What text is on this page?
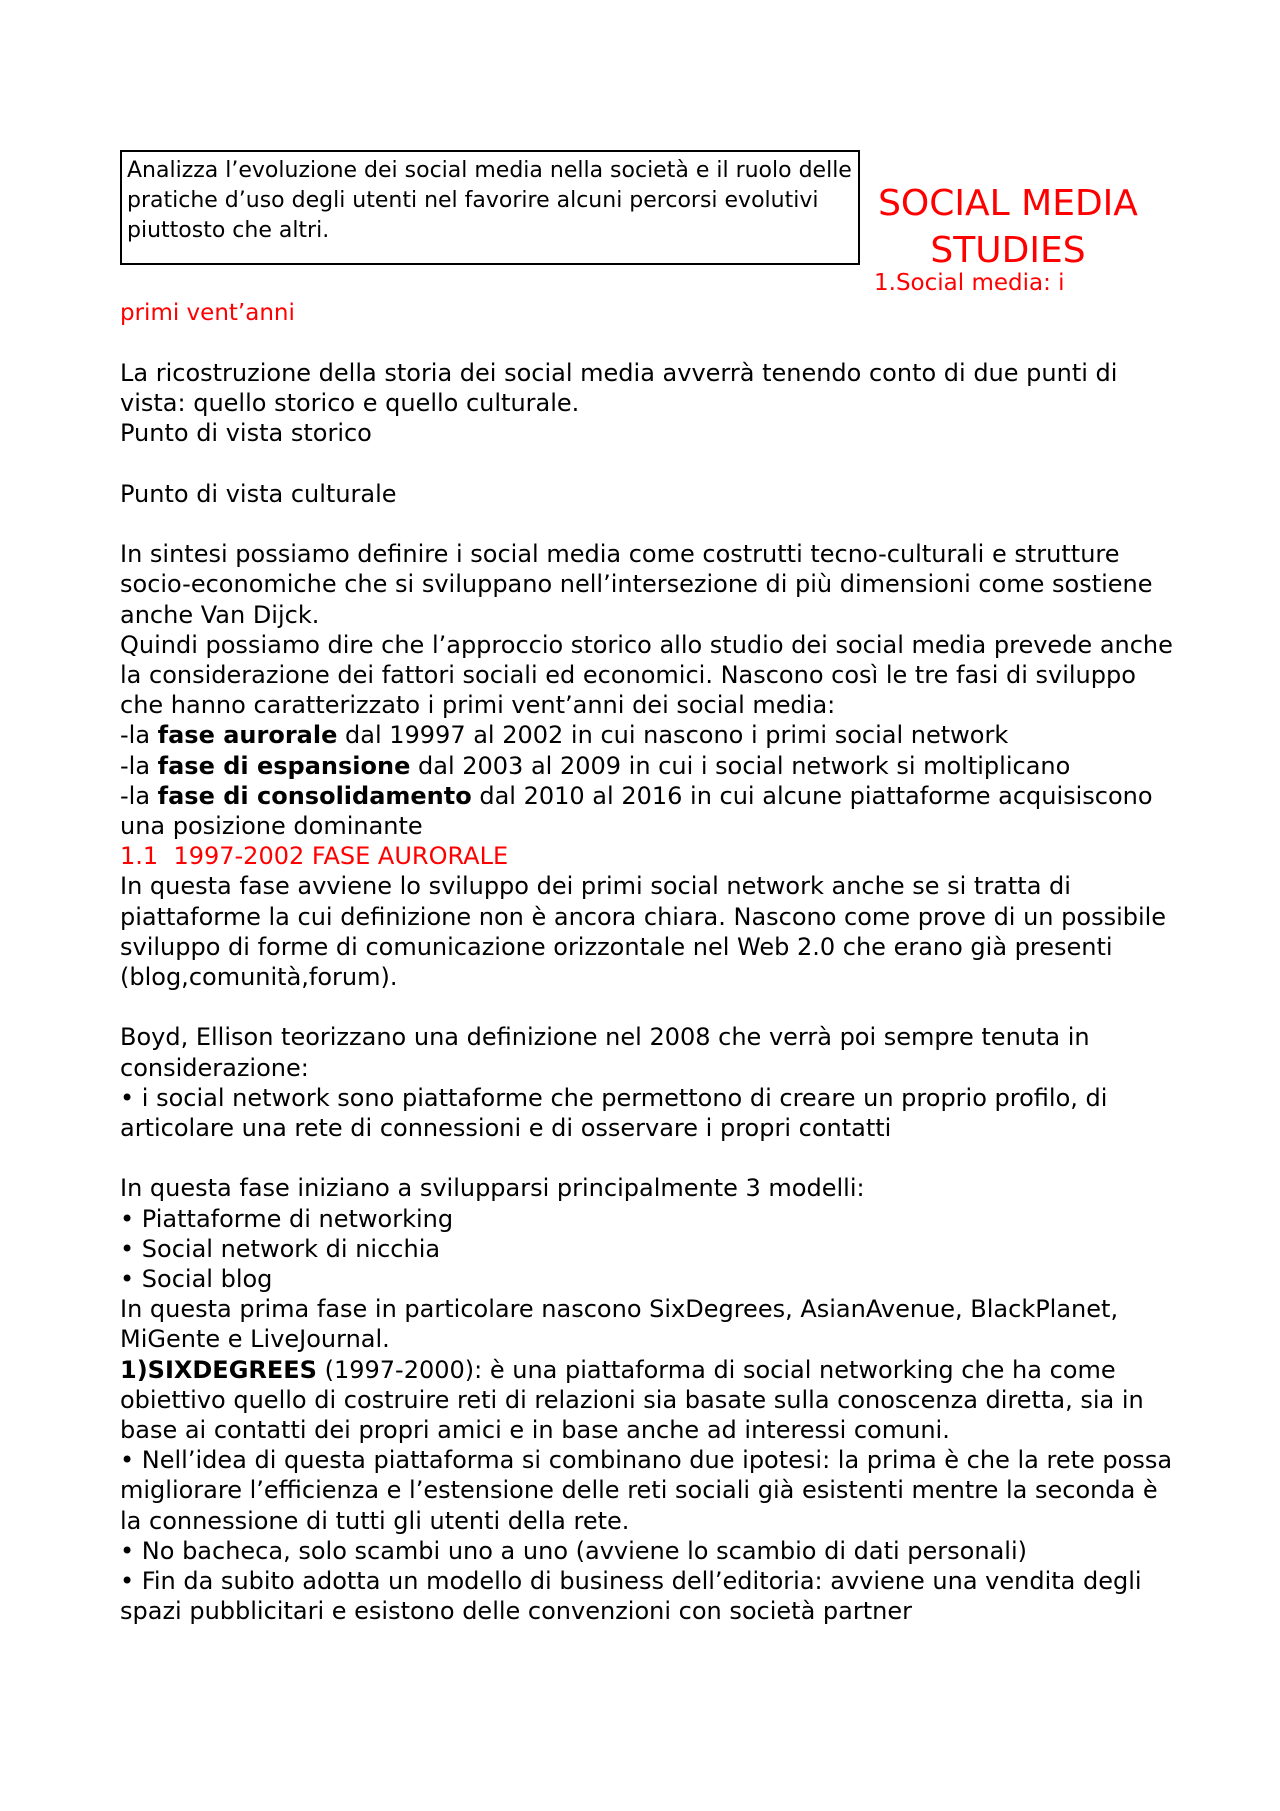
Analizza l’evoluzione dei social media nella società e il ruolo delle pratiche d’uso degli utenti nel favorire alcuni percorsi evolutivi piuttosto che altri.
SOCIAL MEDIA
STUDIES
1.Social media: i
primi vent’anni

La ricostruzione della storia dei social media avverrà tenendo conto di due punti di vista: quello storico e quello culturale.

Punto di vista storico

Punto di vista culturale

In sintesi possiamo definire i social media come costrutti tecno-culturali e strutture socio-economiche che si sviluppano nell’intersezione di più dimensioni come sostiene anche Van Dijck.

Quindi possiamo dire che l’approccio storico allo studio dei social media prevede anche la considerazione dei fattori sociali ed economici. Nascono così le tre fasi di sviluppo che hanno caratterizzato i primi vent’anni dei social media:

-la fase aurorale dal 19997 al 2002 in cui nascono i primi social network

-la fase di espansione dal 2003 al 2009 in cui i social network si moltiplicano

-la fase di consolidamento dal 2010 al 2016 in cui alcune piattaforme acquisiscono una posizione dominante

1.1 1997-2002 FASE AURORALE

In questa fase avviene lo sviluppo dei primi social network anche se si tratta di piattaforme la cui definizione non è ancora chiara. Nascono come prove di un possibile sviluppo di forme di comunicazione orizzontale nel Web 2.0 che erano già presenti (blog,comunità,forum).

Boyd, Ellison teorizzano una definizione nel 2008 che verrà poi sempre tenuta in considerazione:

• i social network sono piattaforme che permettono di creare un proprio profilo, di articolare una rete di connessioni e di osservare i propri contatti

In questa fase iniziano a svilupparsi principalmente 3 modelli:

• Piattaforme di networking

• Social network di nicchia

• Social blog

In questa prima fase in particolare nascono SixDegrees, AsianAvenue, BlackPlanet, MiGente e LiveJournal.

1)SIXDEGREES (1997-2000): è una piattaforma di social networking che ha come obiettivo quello di costruire reti di relazioni sia basate sulla conoscenza diretta, sia in base ai contatti dei propri amici e in base anche ad interessi comuni.

• Nell’idea di questa piattaforma si combinano due ipotesi: la prima è che la rete possa migliorare l’efficienza e l’estensione delle reti sociali già esistenti mentre la seconda è la connessione di tutti gli utenti della rete.

• No bacheca, solo scambi uno a uno (avviene lo scambio di dati personali)

• Fin da subito adotta un modello di business dell’editoria: avviene una vendita degli spazi pubblicitari e esistono delle convenzioni con società partner
